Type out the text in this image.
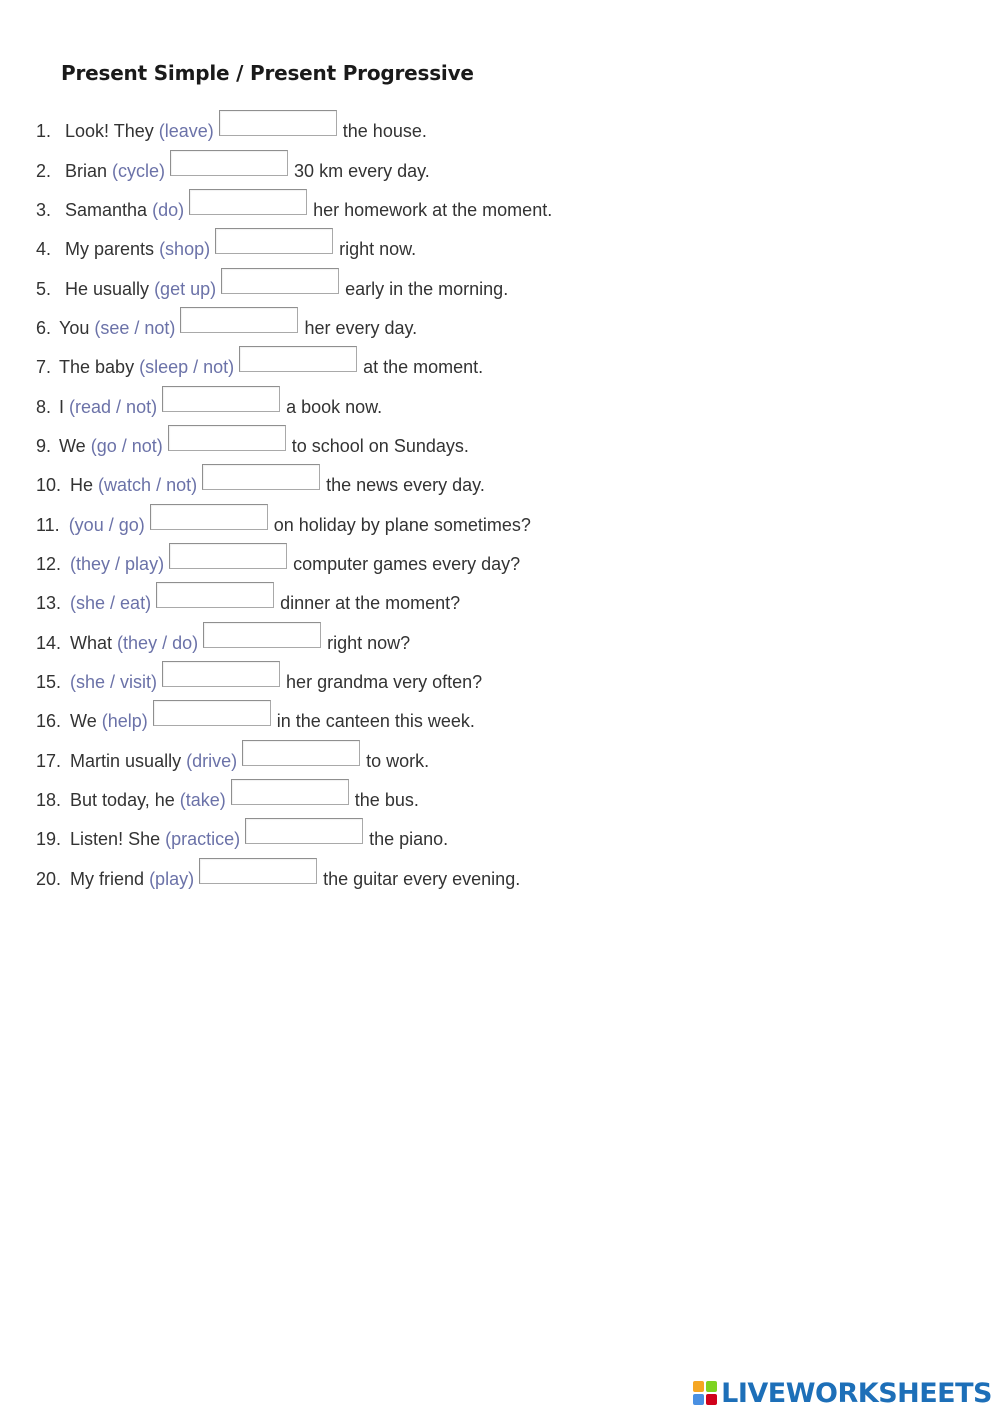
Present Simple / Present Progressive
1. Look! They (leave)	the house.
2. Brian (cycle)	30 km every day.
3. Samantha (do)	her homework at the moment.
4. My parents (shop)	right now.
5. He usually (get up)	early in the morning.
6. You (see / not)	her every day.
7. The baby (sleep / not)	at the moment.
8. I (read / not)	a book now.
9. We (go / not)	to school on Sundays.
10. He (watch / not)	the news every day.
11. (you / go)	on holiday by plane sometimes?
12. (they / play)	computer games every day?
13. (she / eat)	dinner at the moment?
14. What (they / do)	right now?
15. (she / visit)	her grandma very often?
16. We (help)	in the canteen this week.
17. Martin usually (drive)	to work.
18. But today, he (take)	the bus.
19. Listen! She (practice)	the piano.
20. My friend (play)	the guitar every evening.
LIVEWORKSHEETS
